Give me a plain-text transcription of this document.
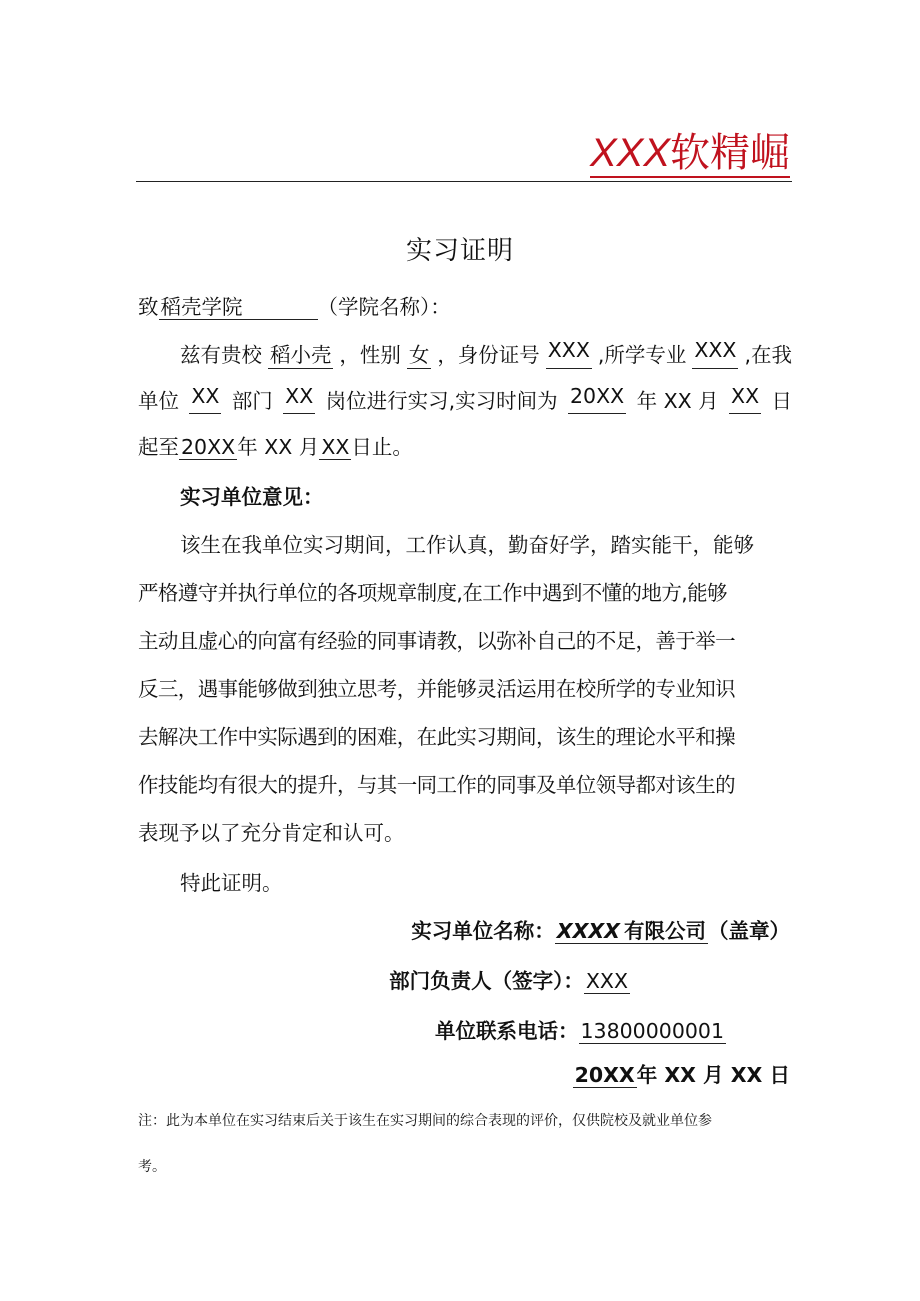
XXX软精崛
实习证明
致稻壳学院	（学院名称）：
兹有贵校 稻小壳 ，性别 女 ，身份证号 XXX ,所学专业 XXX ,在我
单位 XX 部门 XX 岗位进行实习,实习时间为 20XX 年 XX 月 XX 日
起至20XX年 XX 月XX日止。
实习单位意见：
该生在我单位实习期间，工作认真，勤奋好学，踏实能干，能够
严格遵守并执行单位的各项规章制度,在工作中遇到不懂的地方,能够
主动且虚心的向富有经验的同事请教，以弥补自己的不足，善于举一
反三，遇事能够做到独立思考，并能够灵活运用在校所学的专业知识
去解决工作中实际遇到的困难，在此实习期间，该生的理论水平和操
作技能均有很大的提升，与其一同工作的同事及单位领导都对该生的
表现予以了充分肯定和认可。
特此证明。
实习单位名称：XXXX 有限公司（盖章）
部门负责人（签字）：XXX
单位联系电话：13800000001
20XX年 XX 月 XX 日
注：此为本单位在实习结束后关于该生在实习期间的综合表现的评价，仅供院校及就业单位参
考。
